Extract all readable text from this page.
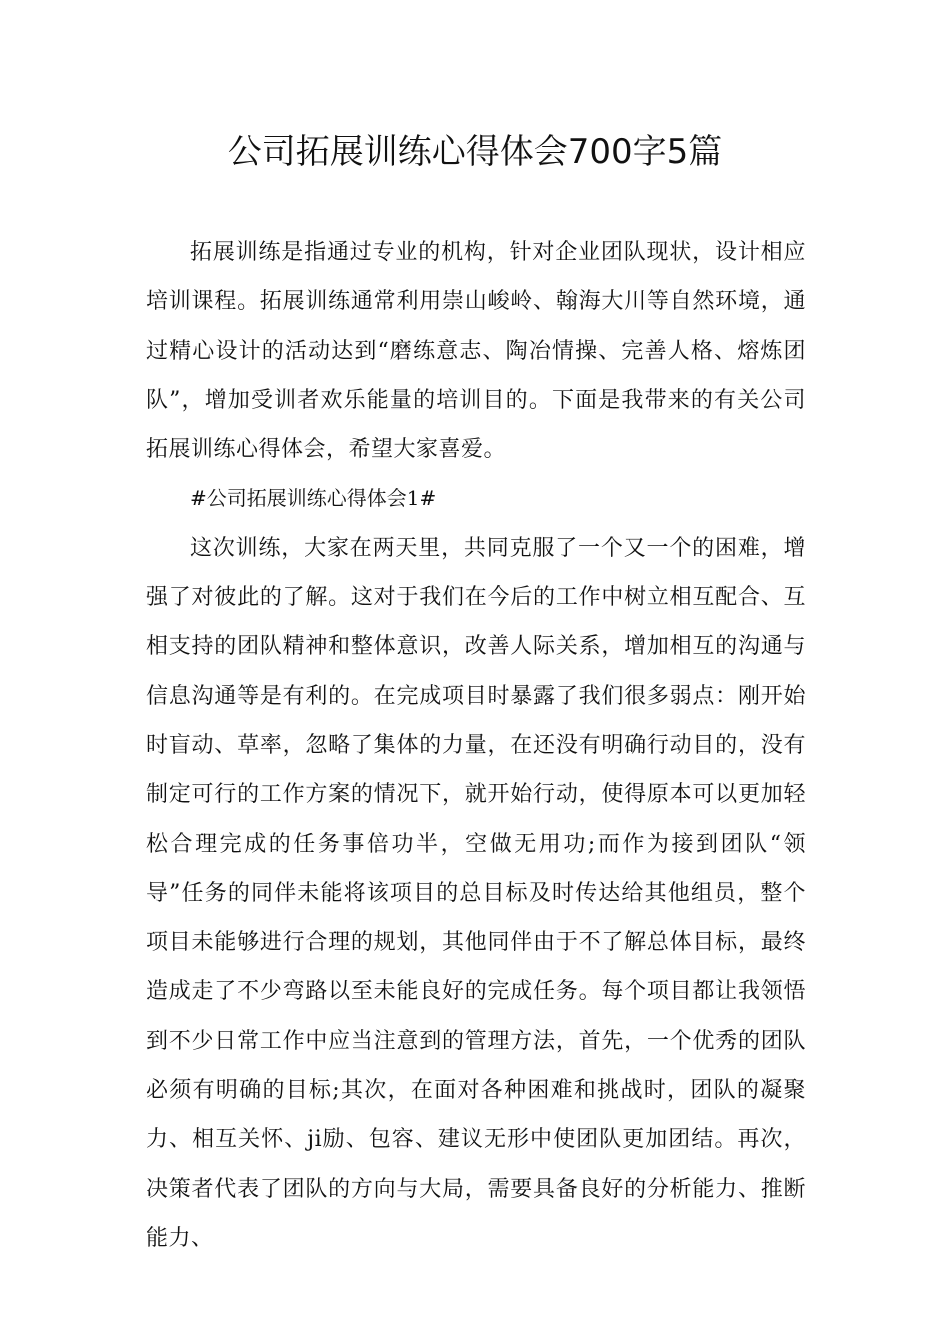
公司拓展训练心得体会700字5篇

拓展训练是指通过专业的机构，针对企业团队现状，设计相应培训课程。拓展训练通常利用崇山峻岭、翰海大川等自然环境，通过精心设计的活动达到“磨练意志、陶冶情操、完善人格、熔炼团队”，增加受训者欢乐能量的培训目的。下面是我带来的有关公司拓展训练心得体会，希望大家喜爱。

#公司拓展训练心得体会1#

这次训练，大家在两天里，共同克服了一个又一个的困难，增强了对彼此的了解。这对于我们在今后的工作中树立相互配合、互相支持的团队精神和整体意识，改善人际关系，增加相互的沟通与信息沟通等是有利的。在完成项目时暴露了我们很多弱点：刚开始时盲动、草率，忽略了集体的力量，在还没有明确行动目的，没有制定可行的工作方案的情况下，就开始行动，使得原本可以更加轻松合理完成的任务事倍功半，空做无用功;而作为接到团队“领导”任务的同伴未能将该项目的总目标及时传达给其他组员，整个项目未能够进行合理的规划，其他同伴由于不了解总体目标，最终造成走了不少弯路以至未能良好的完成任务。每个项目都让我领悟到不少日常工作中应当注意到的管理方法，首先，一个优秀的团队必须有明确的目标;其次，在面对各种困难和挑战时，团队的凝聚力、相互关怀、ji励、包容、建议无形中使团队更加团结。再次，决策者代表了团队的方向与大局，需要具备良好的分析能力、推断能力、
